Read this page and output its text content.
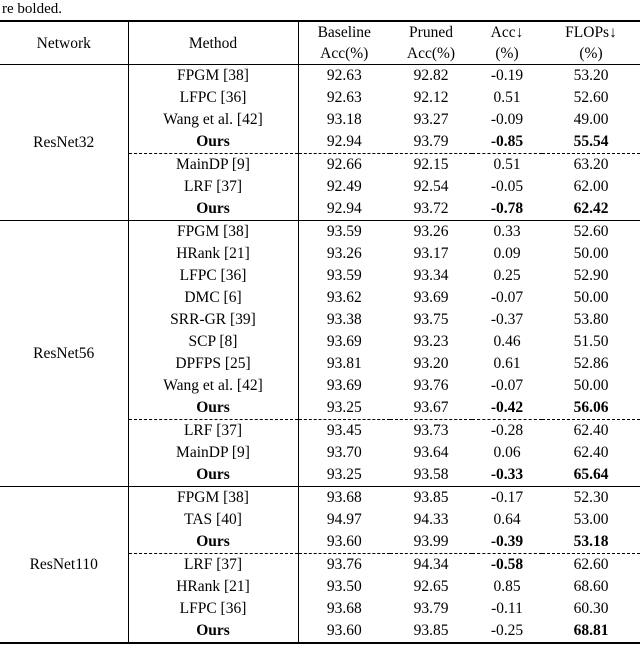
re bolded.
Network	Method	Baseline	Pruned	Acc↓	FLOPs↓
		Acc(%)	Acc(%)	(%)	(%)
ResNet32	FPGM [38]	92.63	92.82	-0.19	53.20
	LFPC [36]	92.63	92.12	0.51	52.60
	Wang et al. [42]	93.18	93.27	-0.09	49.00
	Ours	92.94	93.79	-0.85	55.54
	MainDP [9]	92.66	92.15	0.51	63.20
	LRF [37]	92.49	92.54	-0.05	62.00
	Ours	92.94	93.72	-0.78	62.42
ResNet56	FPGM [38]	93.59	93.26	0.33	52.60
	HRank [21]	93.26	93.17	0.09	50.00
	LFPC [36]	93.59	93.34	0.25	52.90
	DMC [6]	93.62	93.69	-0.07	50.00
	SRR-GR [39]	93.38	93.75	-0.37	53.80
	SCP [8]	93.69	93.23	0.46	51.50
	DPFPS [25]	93.81	93.20	0.61	52.86
	Wang et al. [42]	93.69	93.76	-0.07	50.00
	Ours	93.25	93.67	-0.42	56.06
	LRF [37]	93.45	93.73	-0.28	62.40
	MainDP [9]	93.70	93.64	0.06	62.40
	Ours	93.25	93.58	-0.33	65.64
ResNet110	FPGM [38]	93.68	93.85	-0.17	52.30
	TAS [40]	94.97	94.33	0.64	53.00
	Ours	93.60	93.99	-0.39	53.18
	LRF [37]	93.76	94.34	-0.58	62.60
	HRank [21]	93.50	92.65	0.85	68.60
	LFPC [36]	93.68	93.79	-0.11	60.30
	Ours	93.60	93.85	-0.25	68.81
